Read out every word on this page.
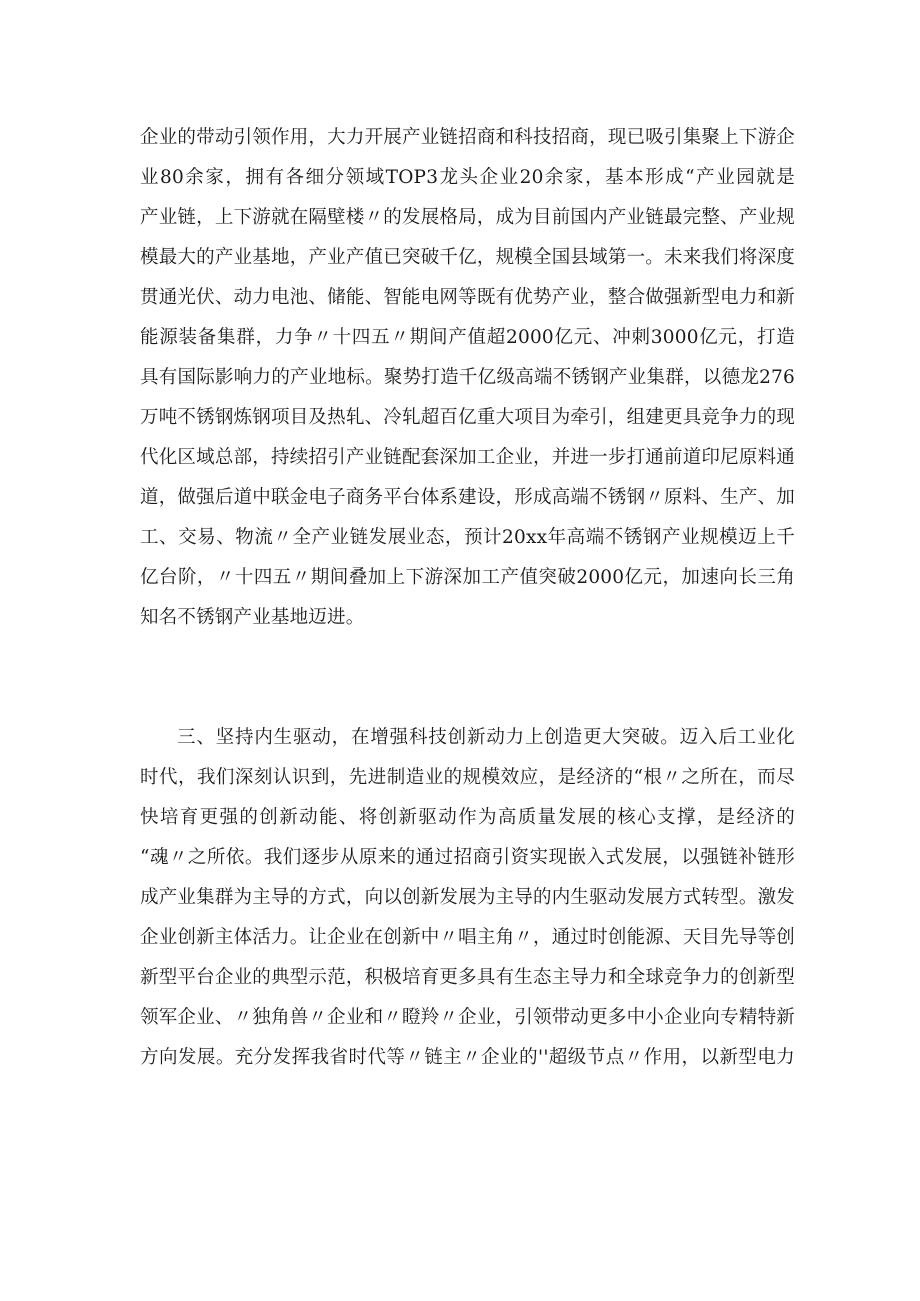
企业的带动引领作用，大力开展产业链招商和科技招商，现已吸引集聚上下游企
业80余家，拥有各细分领域TOP3龙头企业20余家，基本形成“产业园就是
产业链，上下游就在隔壁楼〃的发展格局，成为目前国内产业链最完整、产业规
模最大的产业基地，产业产值已突破千亿，规模全国县域第一。未来我们将深度
贯通光伏、动力电池、储能、智能电网等既有优势产业，整合做强新型电力和新
能源装备集群，力争〃十四五〃期间产值超2000亿元、冲刺3000亿元，打造
具有国际影响力的产业地标。聚势打造千亿级高端不锈钢产业集群，以德龙276
万吨不锈钢炼钢项目及热轧、冷轧超百亿重大项目为牵引，组建更具竞争力的现
代化区域总部，持续招引产业链配套深加工企业，并进一步打通前道印尼原料通
道，做强后道中联金电子商务平台体系建设，形成高端不锈钢〃原料、生产、加
工、交易、物流〃全产业链发展业态，预计20xx年高端不锈钢产业规模迈上千
亿台阶，〃十四五〃期间叠加上下游深加工产值突破2000亿元，加速向长三角
知名不锈钢产业基地迈进。
三、坚持内生驱动，在增强科技创新动力上创造更大突破。迈入后工业化
时代，我们深刻认识到，先进制造业的规模效应，是经济的“根〃之所在，而尽
快培育更强的创新动能、将创新驱动作为高质量发展的核心支撑，是经济的
“魂〃之所依。我们逐步从原来的通过招商引资实现嵌入式发展，以强链补链形
成产业集群为主导的方式，向以创新发展为主导的内生驱动发展方式转型。激发
企业创新主体活力。让企业在创新中〃唱主角〃，通过时创能源、天目先导等创
新型平台企业的典型示范，积极培育更多具有生态主导力和全球竞争力的创新型
领军企业、〃独角兽〃企业和〃瞪羚〃企业，引领带动更多中小企业向专精特新
方向发展。充分发挥我省时代等〃链主〃企业的''超级节点〃作用，以新型电力
